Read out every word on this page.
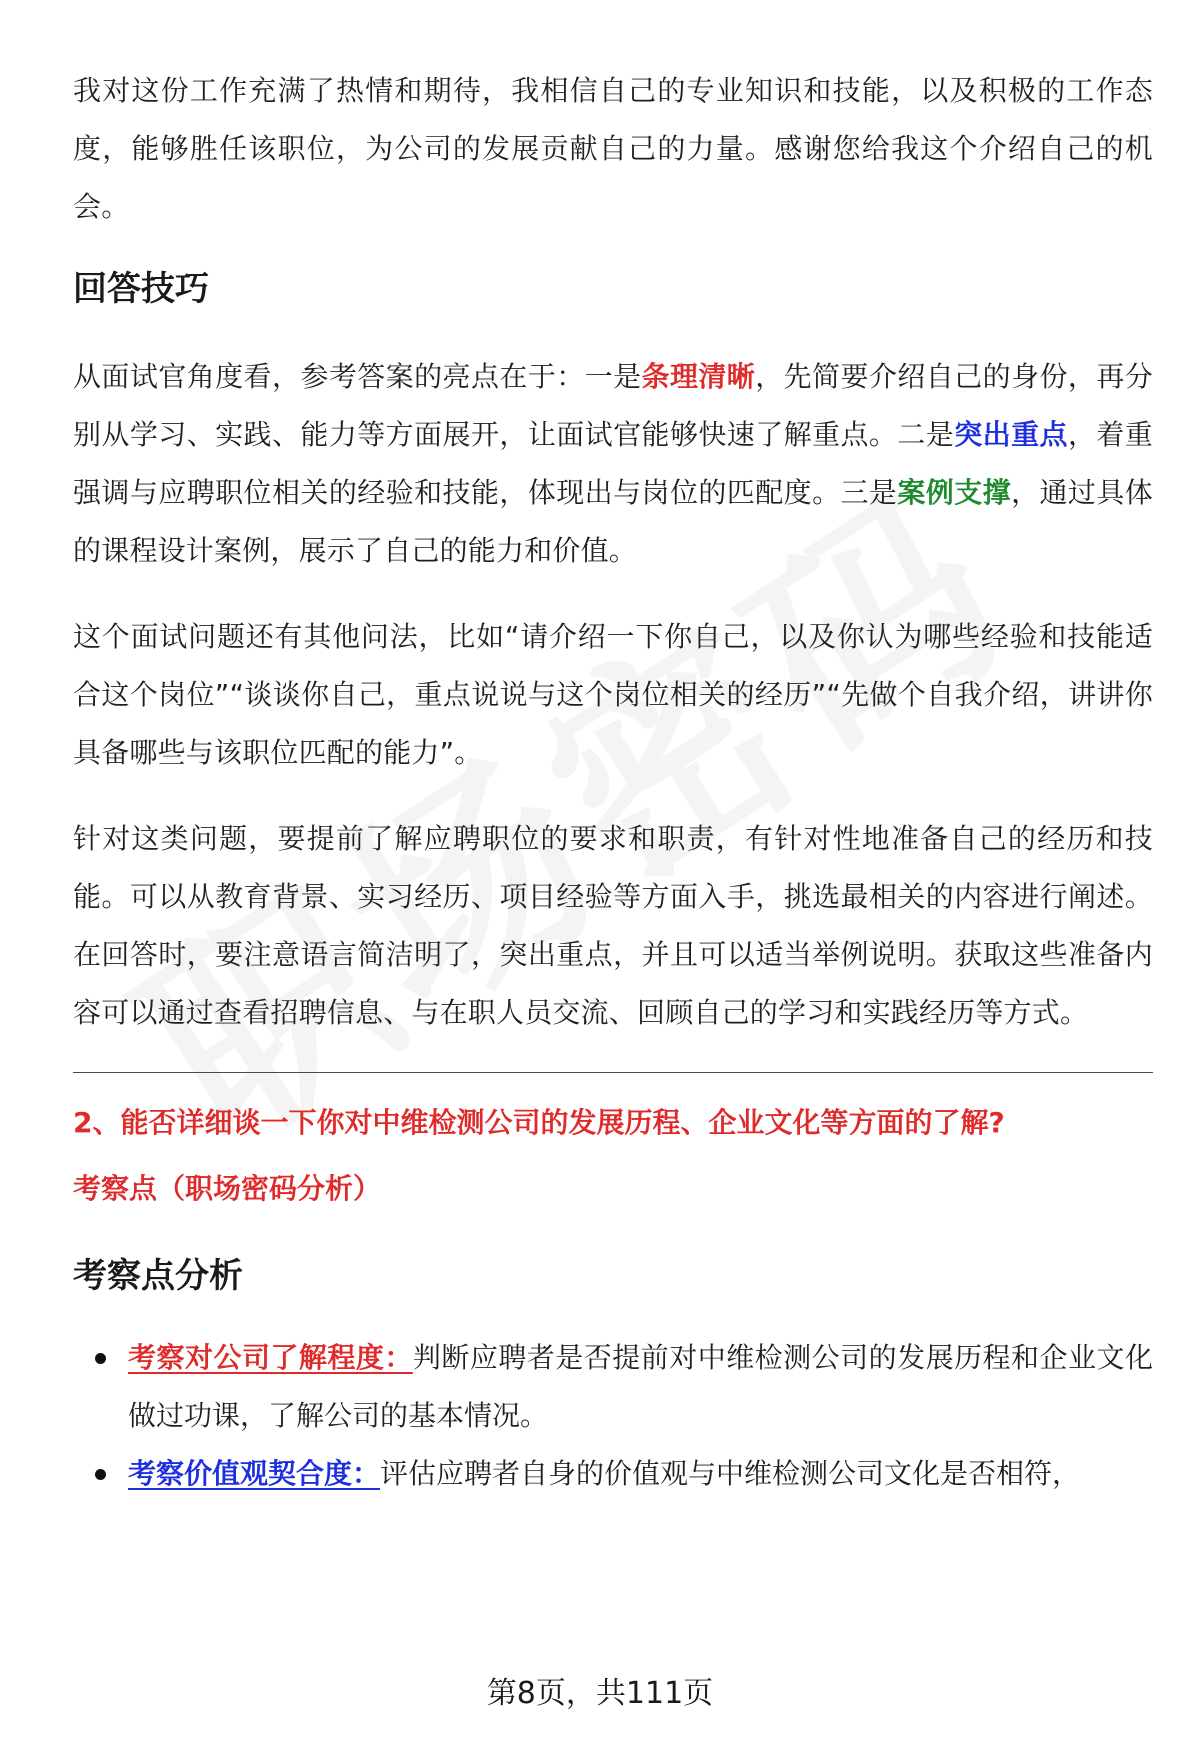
我对这份工作充满了热情和期待，我相信自己的专业知识和技能，以及积极的工作态度，能够胜任该职位，为公司的发展贡献自己的力量。感谢您给我这个介绍自己的机会。

回答技巧

从面试官角度看，参考答案的亮点在于：一是条理清晰，先简要介绍自己的身份，再分别从学习、实践、能力等方面展开，让面试官能够快速了解重点。二是突出重点，着重强调与应聘职位相关的经验和技能，体现出与岗位的匹配度。三是案例支撑，通过具体的课程设计案例，展示了自己的能力和价值。

这个面试问题还有其他问法，比如“请介绍一下你自己，以及你认为哪些经验和技能适合这个岗位”“谈谈你自己，重点说说与这个岗位相关的经历”“先做个自我介绍，讲讲你具备哪些与该职位匹配的能力”。

针对这类问题，要提前了解应聘职位的要求和职责，有针对性地准备自己的经历和技能。可以从教育背景、实习经历、项目经验等方面入手，挑选最相关的内容进行阐述。在回答时，要注意语言简洁明了，突出重点，并且可以适当举例说明。获取这些准备内容可以通过查看招聘信息、与在职人员交流、回顾自己的学习和实践经历等方式。

2、能否详细谈一下你对中维检测公司的发展历程、企业文化等方面的了解?
考察点（职场密码分析）
考察点分析
考察对公司了解程度：判断应聘者是否提前对中维检测公司的发展历程和企业文化做过功课，了解公司的基本情况。
考察价值观契合度：评估应聘者自身的价值观与中维检测公司文化是否相符，
第8页，共111页
